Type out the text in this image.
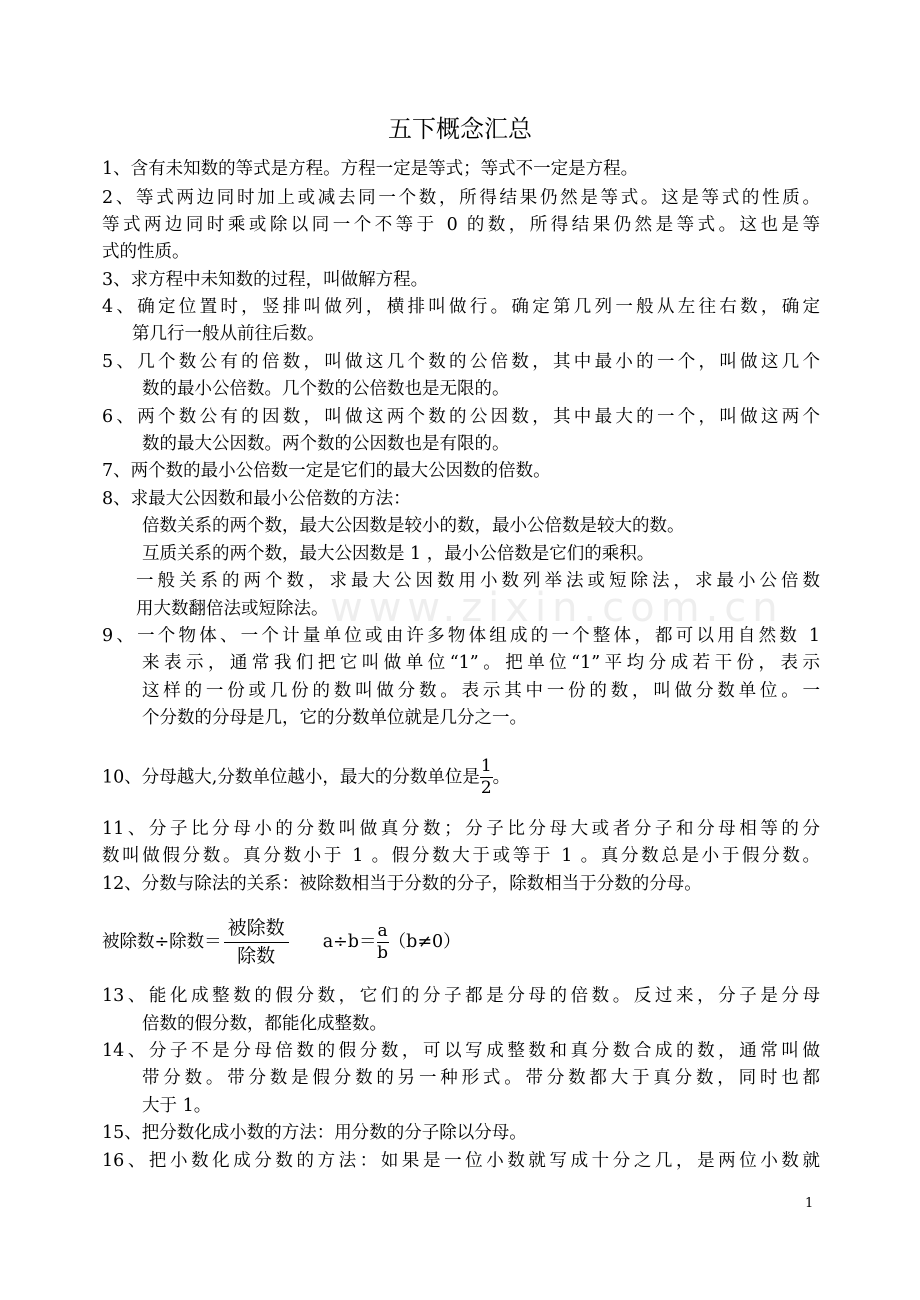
www.zixin.com.cn
五下概念汇总
1、含有未知数的等式是方程。方程一定是等式；等式不一定是方程。
2、等式两边同时加上或减去同一个数，所得结果仍然是等式。这是等式的性质。
等式两边同时乘或除以同一个不等于 0 的数，所得结果仍然是等式。这也是等
式的性质。
3、求方程中未知数的过程，叫做解方程。
4、确定位置时，竖排叫做列，横排叫做行。确定第几列一般从左往右数，确定
第几行一般从前往后数。
5、几个数公有的倍数，叫做这几个数的公倍数，其中最小的一个，叫做这几个
数的最小公倍数。几个数的公倍数也是无限的。
6、两个数公有的因数，叫做这两个数的公因数，其中最大的一个，叫做这两个
数的最大公因数。两个数的公因数也是有限的。
7、两个数的最小公倍数一定是它们的最大公因数的倍数。
8、求最大公因数和最小公倍数的方法：
倍数关系的两个数，最大公因数是较小的数，最小公倍数是较大的数。
互质关系的两个数，最大公因数是 1 ，最小公倍数是它们的乘积。
一般关系的两个数，求最大公因数用小数列举法或短除法，求最小公倍数
用大数翻倍法或短除法。
9、一个物体、一个计量单位或由许多物体组成的一个整体，都可以用自然数 1
来表示，通常我们把它叫做单位“1”。把单位“1”平均分成若干份，表示
这样的一份或几份的数叫做分数。表示其中一份的数，叫做分数单位。一
个分数的分母是几，它的分数单位就是几分之一。
10、分母越大,分数单位越小，最大的分数单位是 $\frac{1}{2}$ 。
11、分子比分母小的分数叫做真分数；分子比分母大或者分子和分母相等的分
数叫做假分数。真分数小于 1 。假分数大于或等于 1 。真分数总是小于假分数。
12、分数与除法的关系：被除数相当于分数的分子，除数相当于分数的分母。
被除数÷除数＝ $\frac{\text{被除数}}{\text{除数}} a\div b= \frac{a}{b} (b\ne 0)$
13、能化成整数的假分数，它们的分子都是分母的倍数。反过来，分子是分母
倍数的假分数，都能化成整数。
14、分子不是分母倍数的假分数，可以写成整数和真分数合成的数，通常叫做
带分数。带分数是假分数的另一种形式。带分数都大于真分数，同时也都
大于 1。
15、把分数化成小数的方法：用分数的分子除以分母。
16、把小数化成分数的方法：如果是一位小数就写成十分之几，是两位小数就
1
